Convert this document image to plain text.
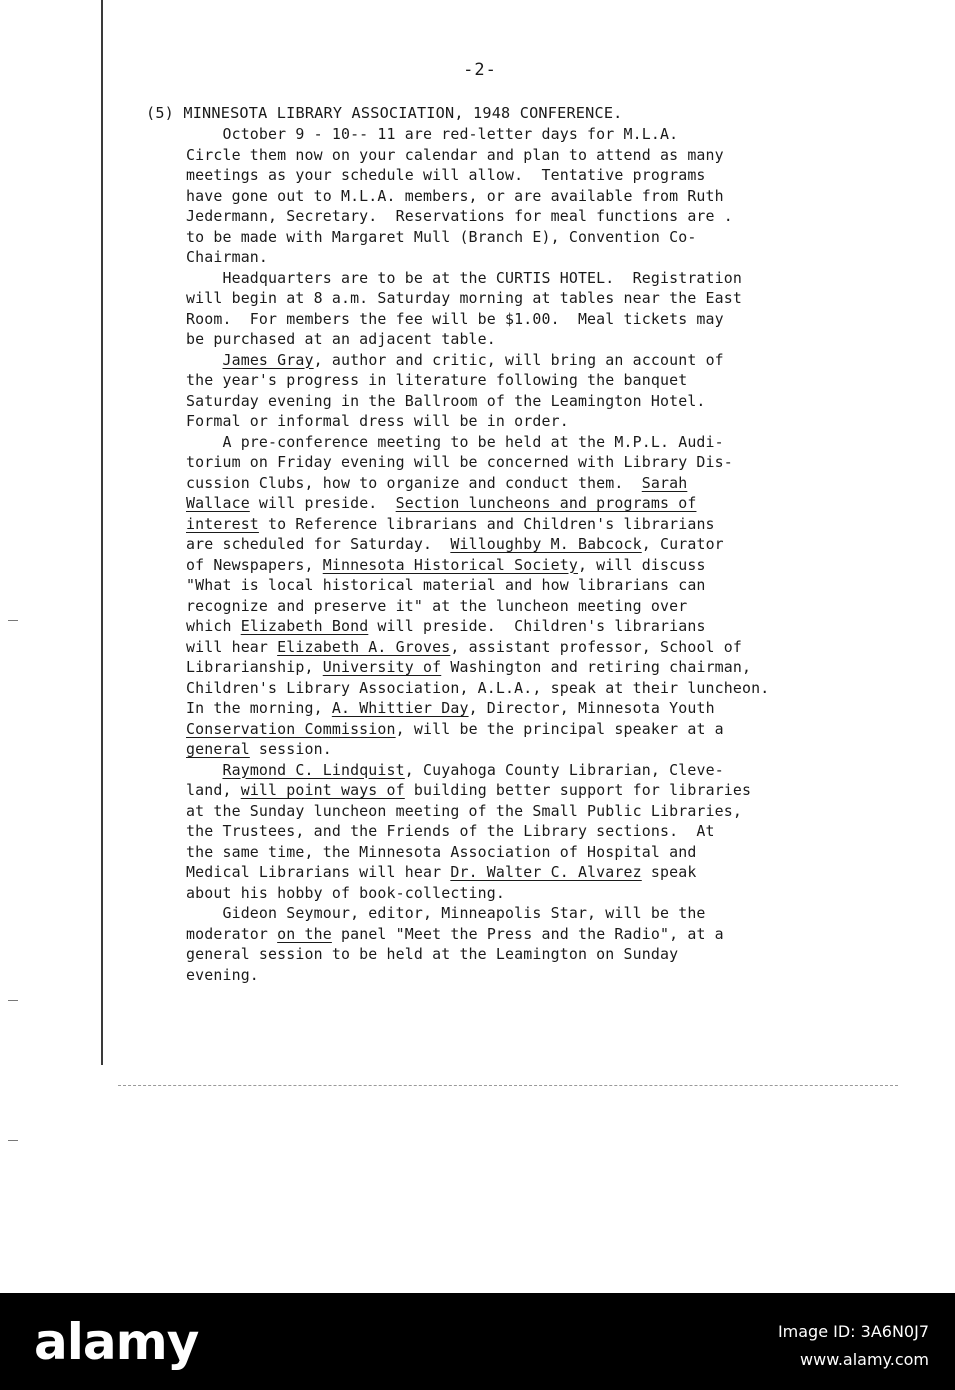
-2-
(5) MINNESOTA LIBRARY ASSOCIATION, 1948 CONFERENCE.
October 9 - 10-- 11 are red-letter days for M.L.A.
Circle them now on your calendar and plan to attend as many
meetings as your schedule will allow.  Tentative programs
have gone out to M.L.A. members, or are available from Ruth
Jedermann, Secretary.  Reservations for meal functions are .
to be made with Margaret Mull (Branch E), Convention Co-
Chairman.
Headquarters are to be at the CURTIS HOTEL.  Registration
will begin at 8 a.m. Saturday morning at tables near the East
Room.  For members the fee will be $1.00.  Meal tickets may
be purchased at an adjacent table.
James Gray, author and critic, will bring an account of
the year's progress in literature following the banquet
Saturday evening in the Ballroom of the Leamington Hotel.
Formal or informal dress will be in order.
A pre-conference meeting to be held at the M.P.L. Audi-
torium on Friday evening will be concerned with Library Dis-
cussion Clubs, how to organize and conduct them.  Sarah
Wallace will preside.  Section luncheons and programs of
interest to Reference librarians and Children's librarians
are scheduled for Saturday.  Willoughby M. Babcock, Curator
of Newspapers, Minnesota Historical Society, will discuss
"What is local historical material and how librarians can
recognize and preserve it" at the luncheon meeting over
which Elizabeth Bond will preside.  Children's librarians
will hear Elizabeth A. Groves, assistant professor, School of
Librarianship, University of Washington and retiring chairman,
Children's Library Association, A.L.A., speak at their luncheon.
In the morning, A. Whittier Day, Director, Minnesota Youth
Conservation Commission, will be the principal speaker at a
general session.
Raymond C. Lindquist, Cuyahoga County Librarian, Cleve-
land, will point ways of building better support for libraries
at the Sunday luncheon meeting of the Small Public Libraries,
the Trustees, and the Friends of the Library sections.  At
the same time, the Minnesota Association of Hospital and
Medical Librarians will hear Dr. Walter C. Alvarez speak
about his hobby of book-collecting.
Gideon Seymour, editor, Minneapolis Star, will be the
moderator on the panel "Meet the Press and the Radio", at a
general session to be held at the Leamington on Sunday
evening.
alamy	Image ID: 3A6N0J7
www.alamy.com
